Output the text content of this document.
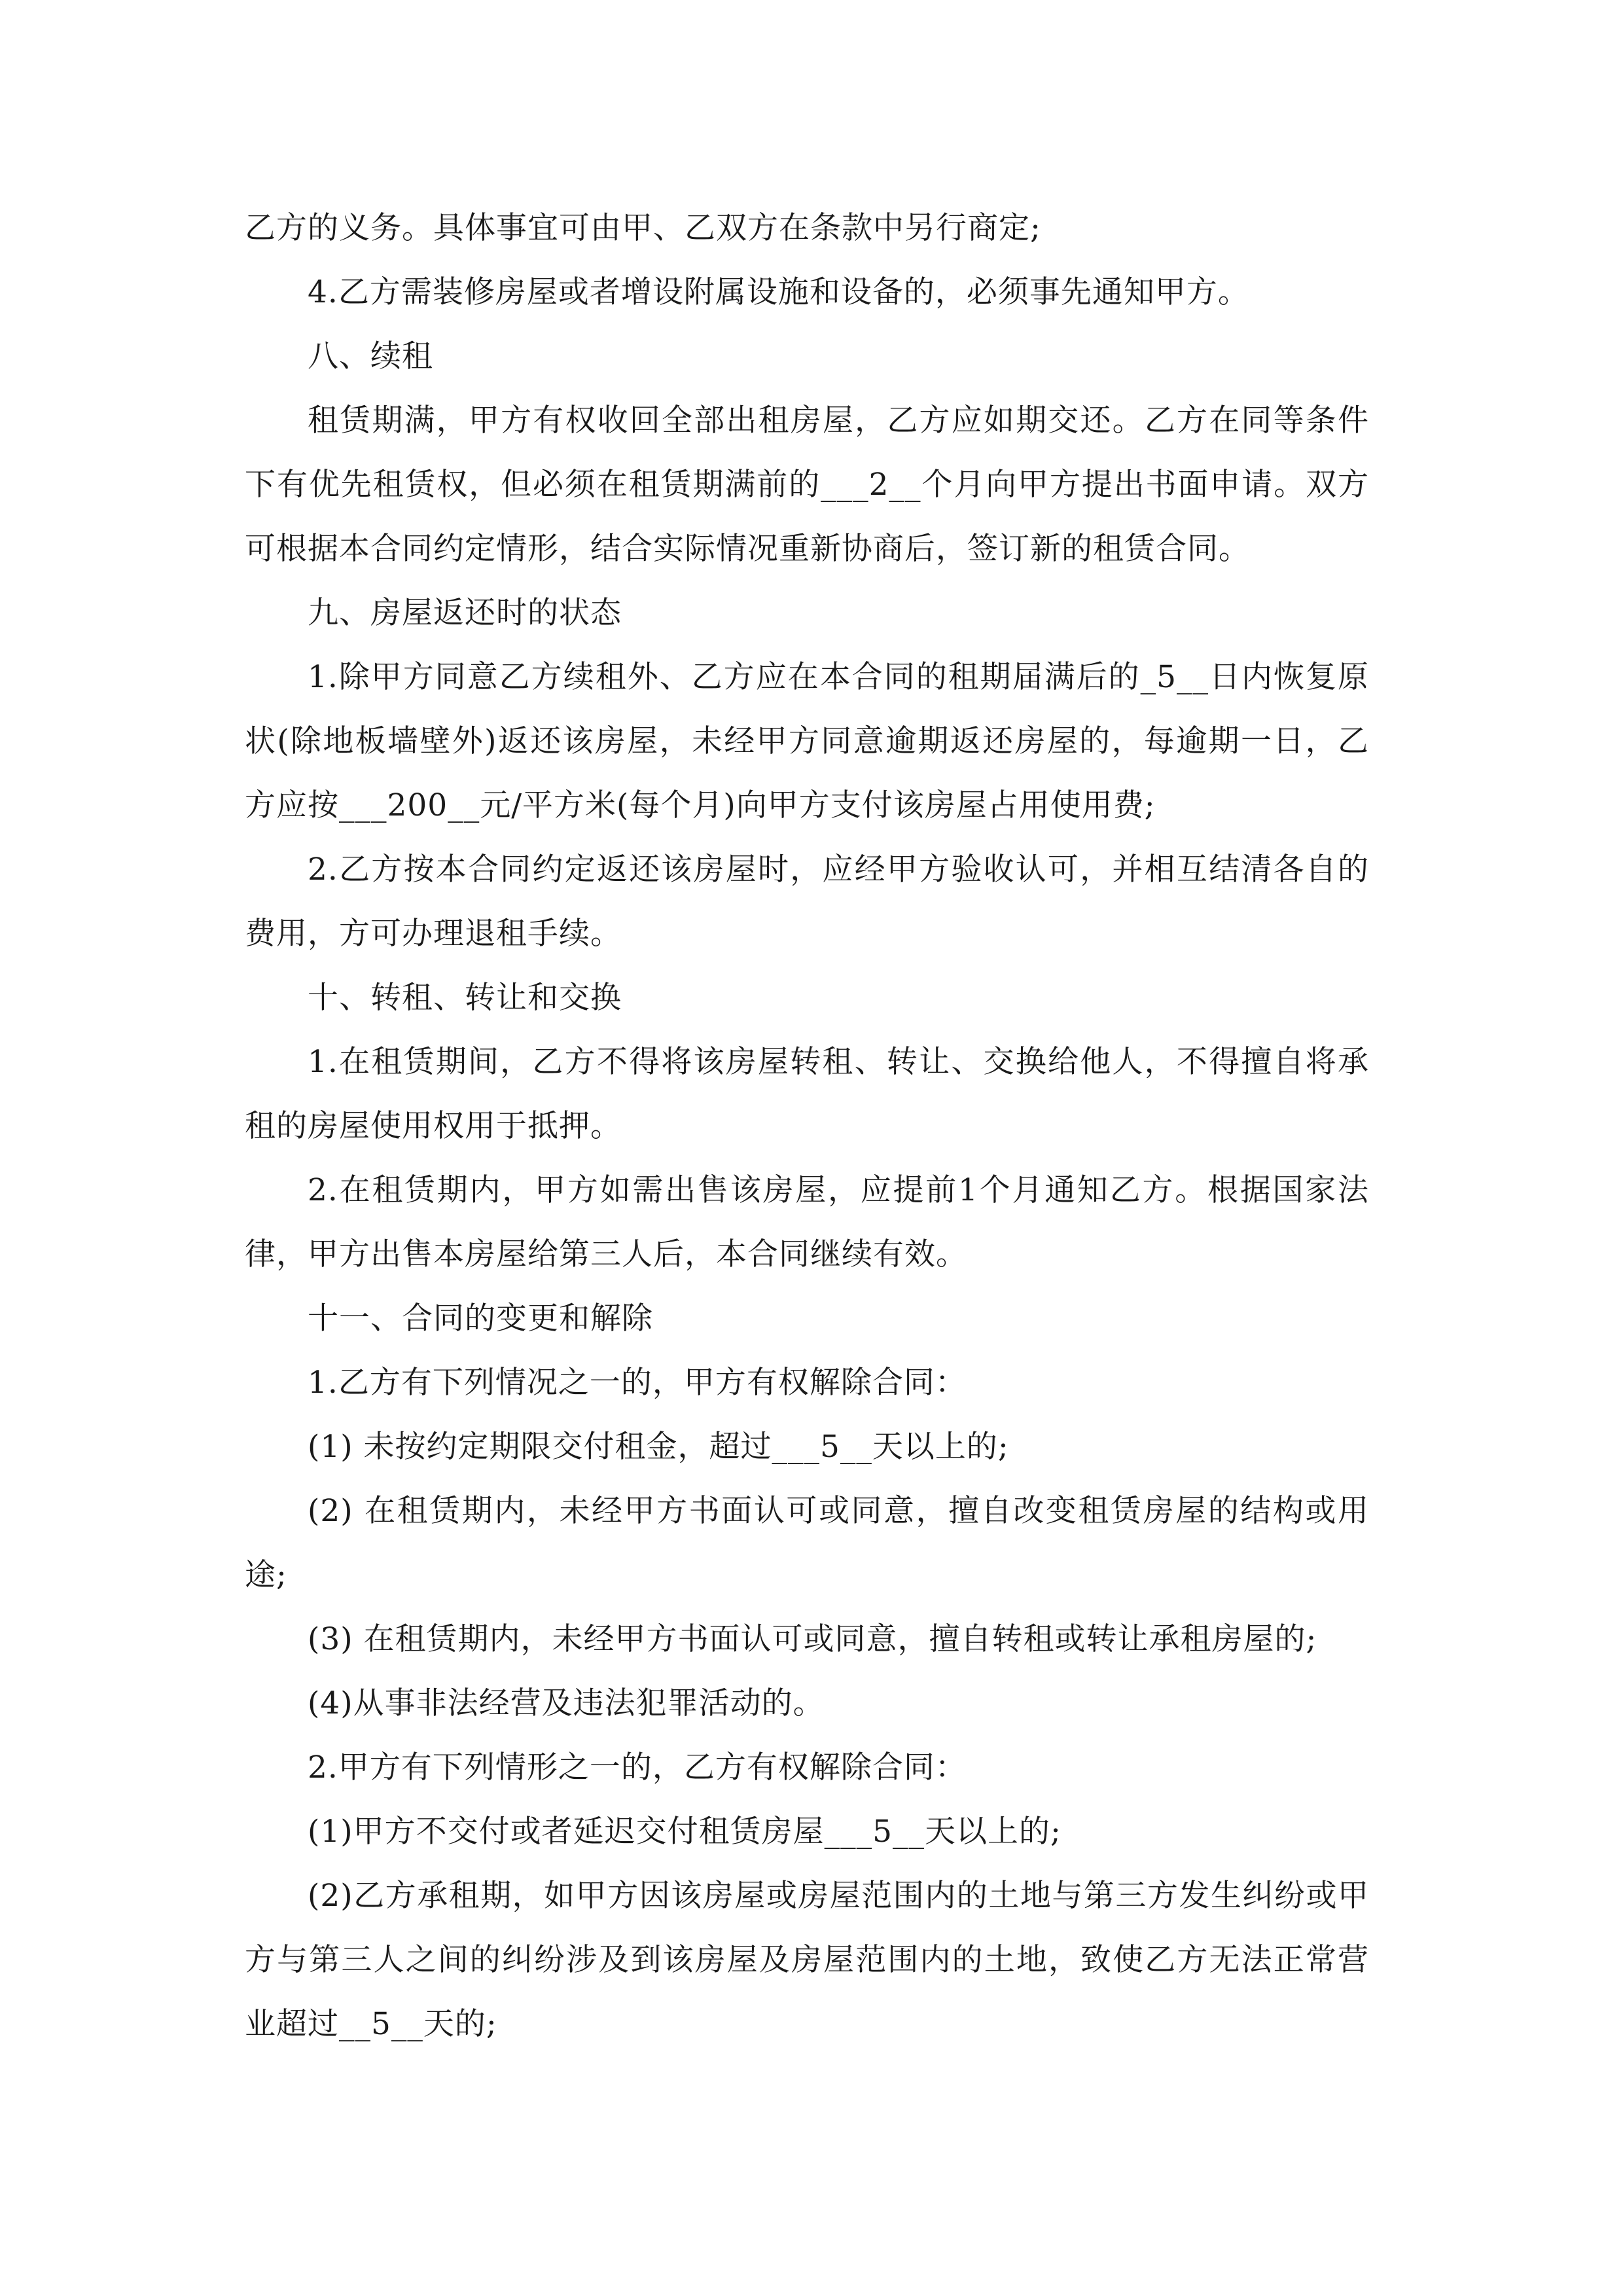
乙方的义务。具体事宜可由甲、乙双方在条款中另行商定;

4.乙方需装修房屋或者增设附属设施和设备的，必须事先通知甲方。

八、续租

租赁期满，甲方有权收回全部出租房屋，乙方应如期交还。乙方在同等条件下有优先租赁权，但必须在租赁期满前的___2__个月向甲方提出书面申请。双方可根据本合同约定情形，结合实际情况重新协商后，签订新的租赁合同。

九、房屋返还时的状态

1.除甲方同意乙方续租外、乙方应在本合同的租期届满后的_5__日内恢复原状(除地板墙壁外)返还该房屋，未经甲方同意逾期返还房屋的，每逾期一日，乙方应按___200__元/平方米(每个月)向甲方支付该房屋占用使用费;

2.乙方按本合同约定返还该房屋时，应经甲方验收认可，并相互结清各自的费用，方可办理退租手续。

十、转租、转让和交换

1.在租赁期间，乙方不得将该房屋转租、转让、交换给他人，不得擅自将承租的房屋使用权用于抵押。

2.在租赁期内，甲方如需出售该房屋，应提前1个月通知乙方。根据国家法律，甲方出售本房屋给第三人后，本合同继续有效。

十一、合同的变更和解除

1.乙方有下列情况之一的，甲方有权解除合同：

(1) 未按约定期限交付租金，超过___5__天以上的;

(2) 在租赁期内，未经甲方书面认可或同意，擅自改变租赁房屋的结构或用途;

(3) 在租赁期内，未经甲方书面认可或同意，擅自转租或转让承租房屋的;

(4)从事非法经营及违法犯罪活动的。

2.甲方有下列情形之一的，乙方有权解除合同：

(1)甲方不交付或者延迟交付租赁房屋___5__天以上的;

(2)乙方承租期，如甲方因该房屋或房屋范围内的土地与第三方发生纠纷或甲方与第三人之间的纠纷涉及到该房屋及房屋范围内的土地，致使乙方无法正常营业超过__5__天的;
